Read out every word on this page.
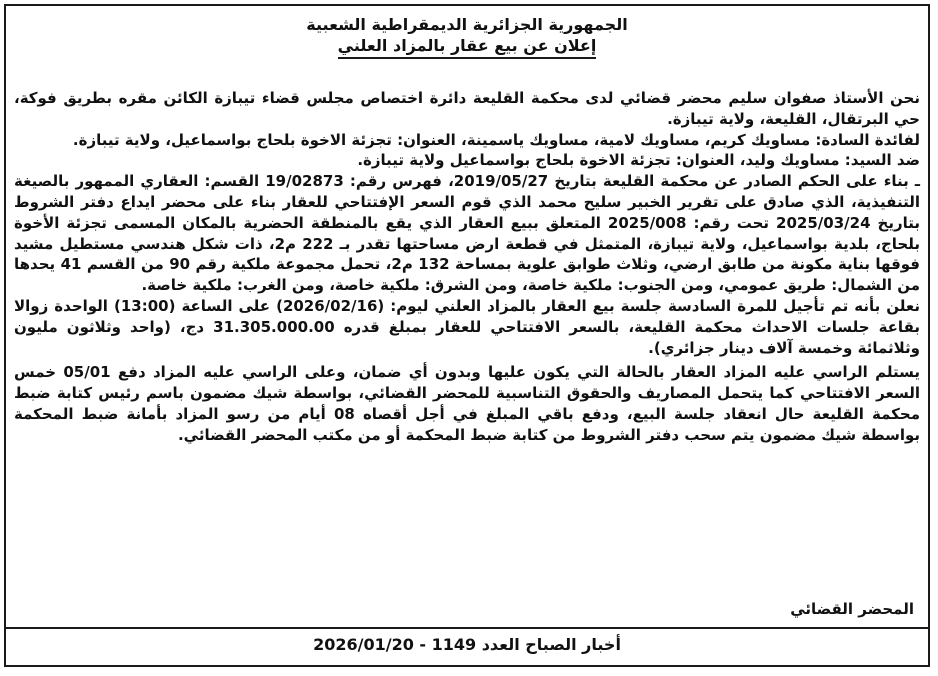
الجمهورية الجزائرية الديمقراطية الشعبية
إعلان عن بيع عقار بالمزاد العلني

نحن الأستاذ صفوان سليم محضر قضائي لدى محكمة القليعة دائرة اختصاص مجلس قضاء تيبازة الكائن مقره بطريق فوكة، حي البرتقال، القليعة، ولاية تيبازة.

لفائدة السادة: مساويك كريم، مساويك لامية، مساويك ياسمينة، العنوان: تجزئة الاخوة بلحاج بواسماعيل، ولاية تيبازة.

ضد السيد: مساويك وليد، العنوان: تجزئة الاخوة بلحاج بواسماعيل ولاية تيبازة.

ـ بناء على الحكم الصادر عن محكمة القليعة بتاريخ 2019/05/27، فهرس رقم: 19/02873 القسم: العقاري الممهور بالصيغة التنفيذية، الذي صادق على تقرير الخبير سليح محمد الذي قوم السعر الإفتتاحي للعقار بناء على محضر ايداع دفتر الشروط بتاريخ 2025/03/24 تحت رقم: 2025/008 المتعلق ببيع العقار الذي يقع بالمنطقة الحضرية بالمكان المسمى تجزئة الأخوة بلحاج، بلدية بواسماعيل، ولاية تيبازة، المتمثل في قطعة ارض مساحتها تقدر بـ 222 م2، ذات شكل هندسي مستطيل مشيد فوقها بناية مكونة من طابق ارضي، وثلاث طوابق علوية بمساحة 132 م2، تحمل مجموعة ملكية رقم 90 من القسم 41 يحدها من الشمال: طريق عمومي، ومن الجنوب: ملكية خاصة، ومن الشرق: ملكية خاصة، ومن الغرب: ملكية خاصة.

نعلن بأنه تم تأجيل للمرة السادسة جلسة بيع العقار بالمزاد العلني ليوم: (2026/02/16) على الساعة (13:00) الواحدة زوالا بقاعة جلسات الاحداث محكمة القليعة، بالسعر الافتتاحي للعقار بمبلغ قدره 31.305.000.00 دج، (واحد وثلاثون مليون وثلاثمائة وخمسة آلاف دينار جزائري).

يستلم الراسي عليه المزاد العقار بالحالة التي يكون عليها وبدون أي ضمان، وعلى الراسي عليه المزاد دفع 05/01 خمس السعر الافتتاحي كما يتحمل المصاريف والحقوق التناسبية للمحضر القضائي، بواسطة شيك مضمون باسم رئيس كتابة ضبط محكمة القليعة حال انعقاد جلسة البيع، ودفع باقي المبلغ في أجل أقصاه 08 أيام من رسو المزاد بأمانة ضبط المحكمة بواسطة شيك مضمون يتم سحب دفتر الشروط من كتابة ضبط المحكمة أو من مكتب المحضر القضائي.

المحضر القضائي
أخبار الصباح العدد 1149 - 2026/01/20
